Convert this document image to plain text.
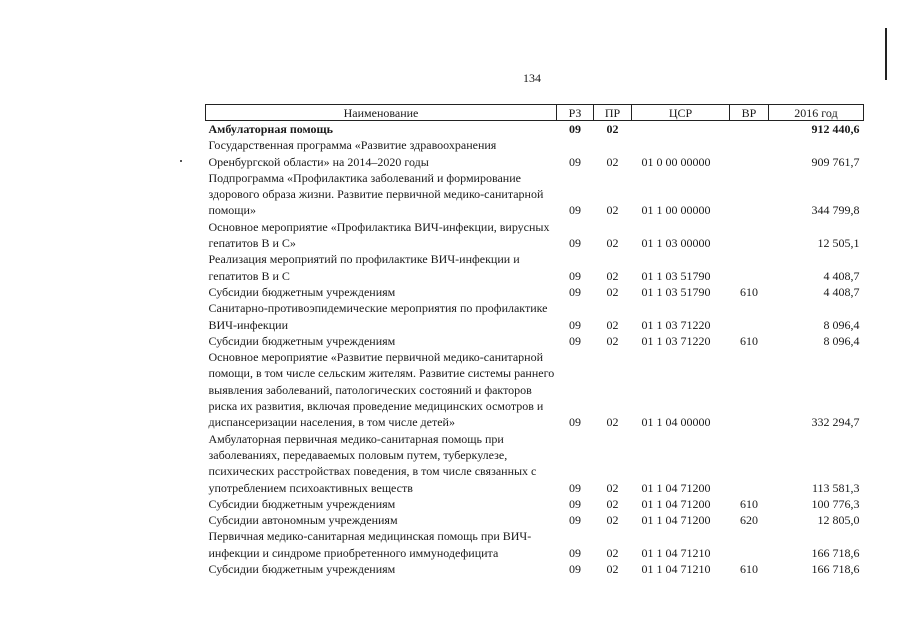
134
Наименование	РЗ	ПР	ЦСР	ВР	2016 год
Амбулаторная помощь	09	02			912 440,6
Государственная программа «Развитие здравоохранения Оренбургской области» на 2014–2020 годы	09	02	01 0 00 00000		909 761,7
Подпрограмма «Профилактика заболеваний и формирование здорового образа жизни. Развитие первичной медико-санитарной помощи»	09	02	01 1 00 00000		344 799,8
Основное мероприятие «Профилактика ВИЧ-инфекции, вирусных гепатитов В и С»	09	02	01 1 03 00000		12 505,1
Реализация мероприятий по профилактике ВИЧ-инфекции и гепатитов В и С	09	02	01 1 03 51790		4 408,7
Субсидии бюджетным учреждениям	09	02	01 1 03 51790	610	4 408,7
Санитарно-противоэпидемические мероприятия по профилактике ВИЧ-инфекции	09	02	01 1 03 71220		8 096,4
Субсидии бюджетным учреждениям	09	02	01 1 03 71220	610	8 096,4
Основное мероприятие «Развитие первичной медико-санитарной помощи, в том числе сельским жителям. Развитие системы раннего выявления заболеваний, патологических состояний и факторов риска их развития, включая проведение медицинских осмотров и диспансеризации населения, в том числе детей»	09	02	01 1 04 00000		332 294,7
Амбулаторная первичная медико-санитарная помощь при заболеваниях, передаваемых половым путем, туберкулезе, психических расстройствах поведения, в том числе связанных с употреблением психоактивных веществ	09	02	01 1 04 71200		113 581,3
Субсидии бюджетным учреждениям	09	02	01 1 04 71200	610	100 776,3
Субсидии автономным учреждениям	09	02	01 1 04 71200	620	12 805,0
Первичная медико-санитарная медицинская помощь при ВИЧ-инфекции и синдроме приобретенного иммунодефицита	09	02	01 1 04 71210		166 718,6
Субсидии бюджетным учреждениям	09	02	01 1 04 71210	610	166 718,6
